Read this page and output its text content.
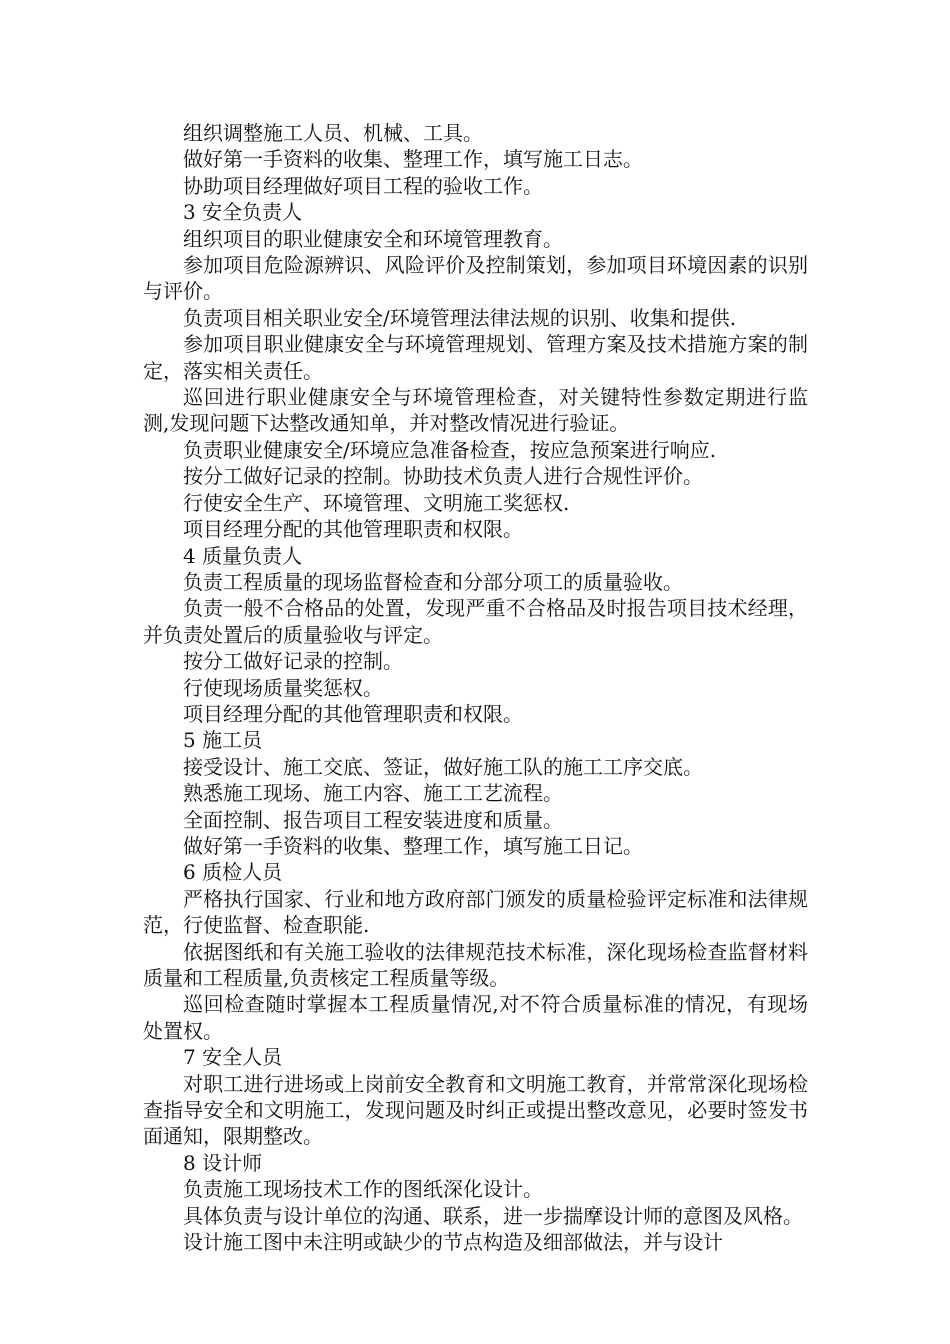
组织调整施工人员、机械、工具。

做好第一手资料的收集、整理工作，填写施工日志。

协助项目经理做好项目工程的验收工作。

3 安全负责人

组织项目的职业健康安全和环境管理教育。

参加项目危险源辨识、风险评价及控制策划，参加项目环境因素的识别与评价。

负责项目相关职业安全/环境管理法律法规的识别、收集和提供.

参加项目职业健康安全与环境管理规划、管理方案及技术措施方案的制定，落实相关责任。

巡回进行职业健康安全与环境管理检查，对关键特性参数定期进行监测,发现问题下达整改通知单，并对整改情况进行验证。

负责职业健康安全/环境应急准备检查，按应急预案进行响应.

按分工做好记录的控制。协助技术负责人进行合规性评价。

行使安全生产、环境管理、文明施工奖惩权.

项目经理分配的其他管理职责和权限。

4 质量负责人

负责工程质量的现场监督检查和分部分项工的质量验收。

负责一般不合格品的处置，发现严重不合格品及时报告项目技术经理，并负责处置后的质量验收与评定。

按分工做好记录的控制。

行使现场质量奖惩权。

项目经理分配的其他管理职责和权限。

5 施工员

接受设计、施工交底、签证，做好施工队的施工工序交底。

熟悉施工现场、施工内容、施工工艺流程。

全面控制、报告项目工程安装进度和质量。

做好第一手资料的收集、整理工作，填写施工日记。

6 质检人员

严格执行国家、行业和地方政府部门颁发的质量检验评定标准和法律规范，行使监督、检查职能.

依据图纸和有关施工验收的法律规范技术标准，深化现场检查监督材料质量和工程质量,负责核定工程质量等级。

巡回检查随时掌握本工程质量情况,对不符合质量标准的情况，有现场处置权。

7 安全人员

对职工进行进场或上岗前安全教育和文明施工教育，并常常深化现场检查指导安全和文明施工，发现问题及时纠正或提出整改意见，必要时签发书面通知，限期整改。

8 设计师

负责施工现场技术工作的图纸深化设计。

具体负责与设计单位的沟通、联系，进一步揣摩设计师的意图及风格。

设计施工图中未注明或缺少的节点构造及细部做法，并与设计
